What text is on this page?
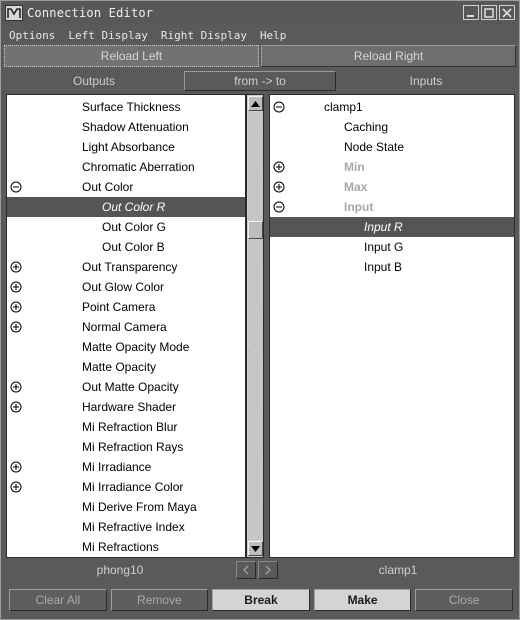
Connection Editor
Options	Left Display	Right Display	Help
Reload Left	Reload Right
Outputs	from -> to	Inputs
Surface Thickness
Shadow Attenuation
Light Absorbance
Chromatic Aberration
Out Color
Out Color R
Out Color G
Out Color B
Out Transparency
Out Glow Color
Point Camera
Normal Camera
Matte Opacity Mode
Matte Opacity
Out Matte Opacity
Hardware Shader
Mi Refraction Blur
Mi Refraction Rays
Mi Irradiance
Mi Irradiance Color
Mi Derive From Maya
Mi Refractive Index
Mi Refractions
clamp1
Caching
Node State
Min
Max
Input
Input R
Input G
Input B
phong10	clamp1
Clear All	Remove	Break	Make	Close
